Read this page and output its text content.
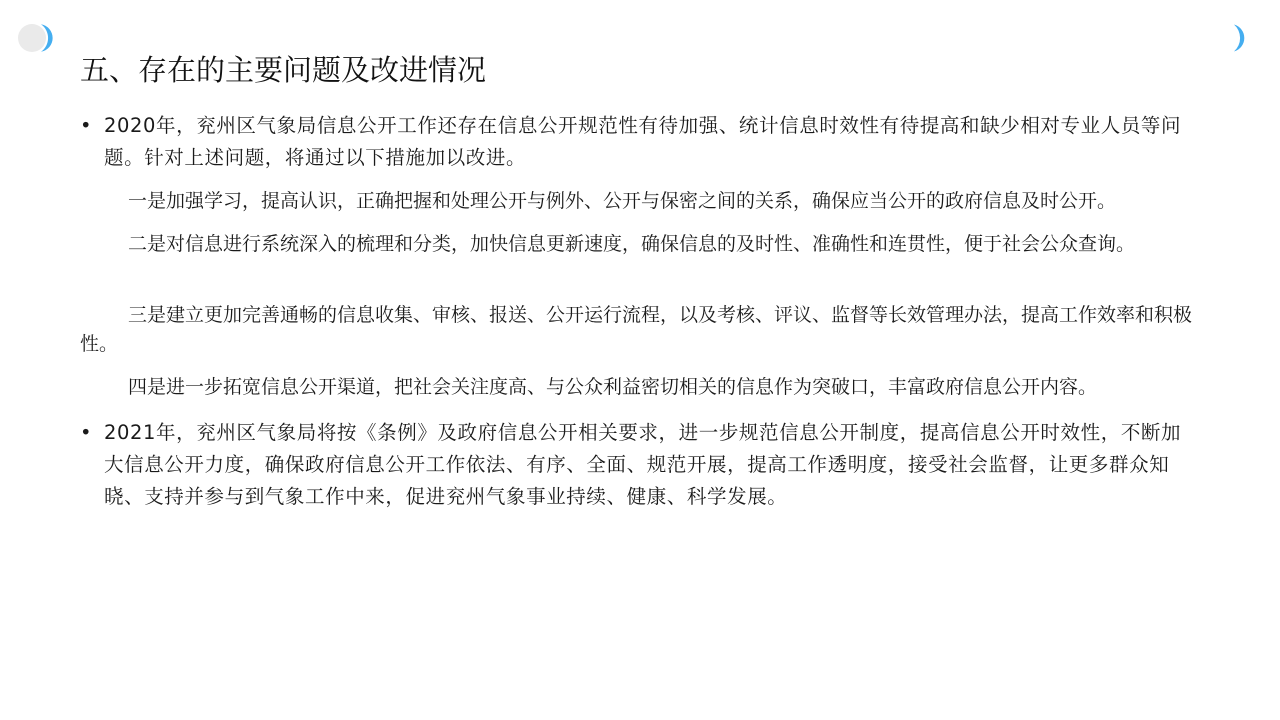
五、存在的主要问题及改进情况
• 2020年，兖州区气象局信息公开工作还存在信息公开规范性有待加强、统计信息时效性有待提高和缺少相对专业人员等问题。针对上述问题，将通过以下措施加以改进。
一是加强学习，提高认识，正确把握和处理公开与例外、公开与保密之间的关系，确保应当公开的政府信息及时公开。
二是对信息进行系统深入的梳理和分类，加快信息更新速度，确保信息的及时性、准确性和连贯性，便于社会公众查询。
三是建立更加完善通畅的信息收集、审核、报送、公开运行流程，以及考核、评议、监督等长效管理办法，提高工作效率和积极性。
四是进一步拓宽信息公开渠道，把社会关注度高、与公众利益密切相关的信息作为突破口，丰富政府信息公开内容。
• 2021年，兖州区气象局将按《条例》及政府信息公开相关要求，进一步规范信息公开制度，提高信息公开时效性，不断加大信息公开力度，确保政府信息公开工作依法、有序、全面、规范开展，提高工作透明度，接受社会监督，让更多群众知晓、支持并参与到气象工作中来，促进兖州气象事业持续、健康、科学发展。
